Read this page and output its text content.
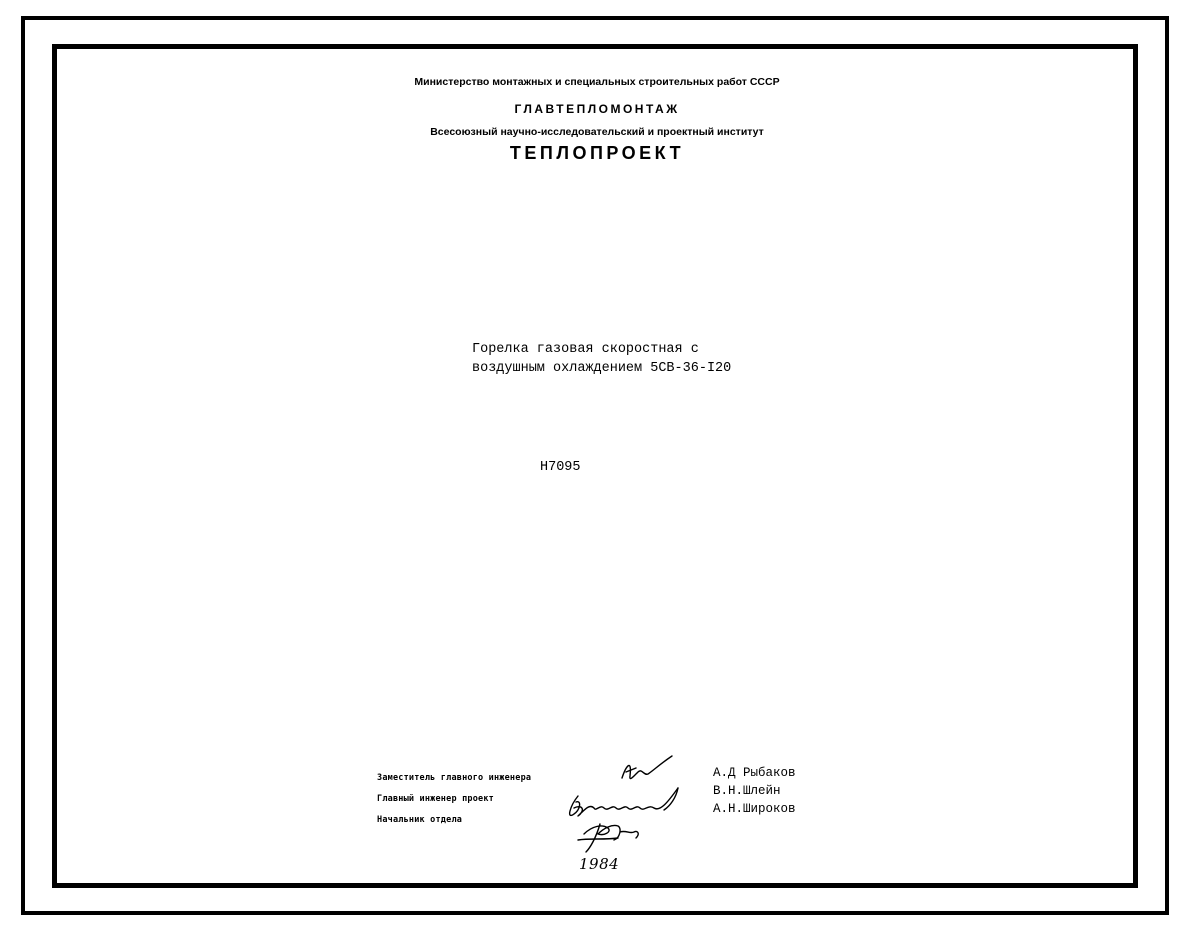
Министерство монтажных и специальных строительных работ СССР
ГЛАВТЕПЛОМОНТАЖ
Всесоюзный научно-исследовательский и проектный институт
ТЕПЛОПРОЕКТ
Горелка газовая скоростная с
воздушным охлаждением 5СВ-36-I20
Н7095
Заместитель главного инженера
Главный инженер проект
Начальник отдела
А.Д Рыбаков
В.Н.Шлейн
А.Н.Широков
1984
